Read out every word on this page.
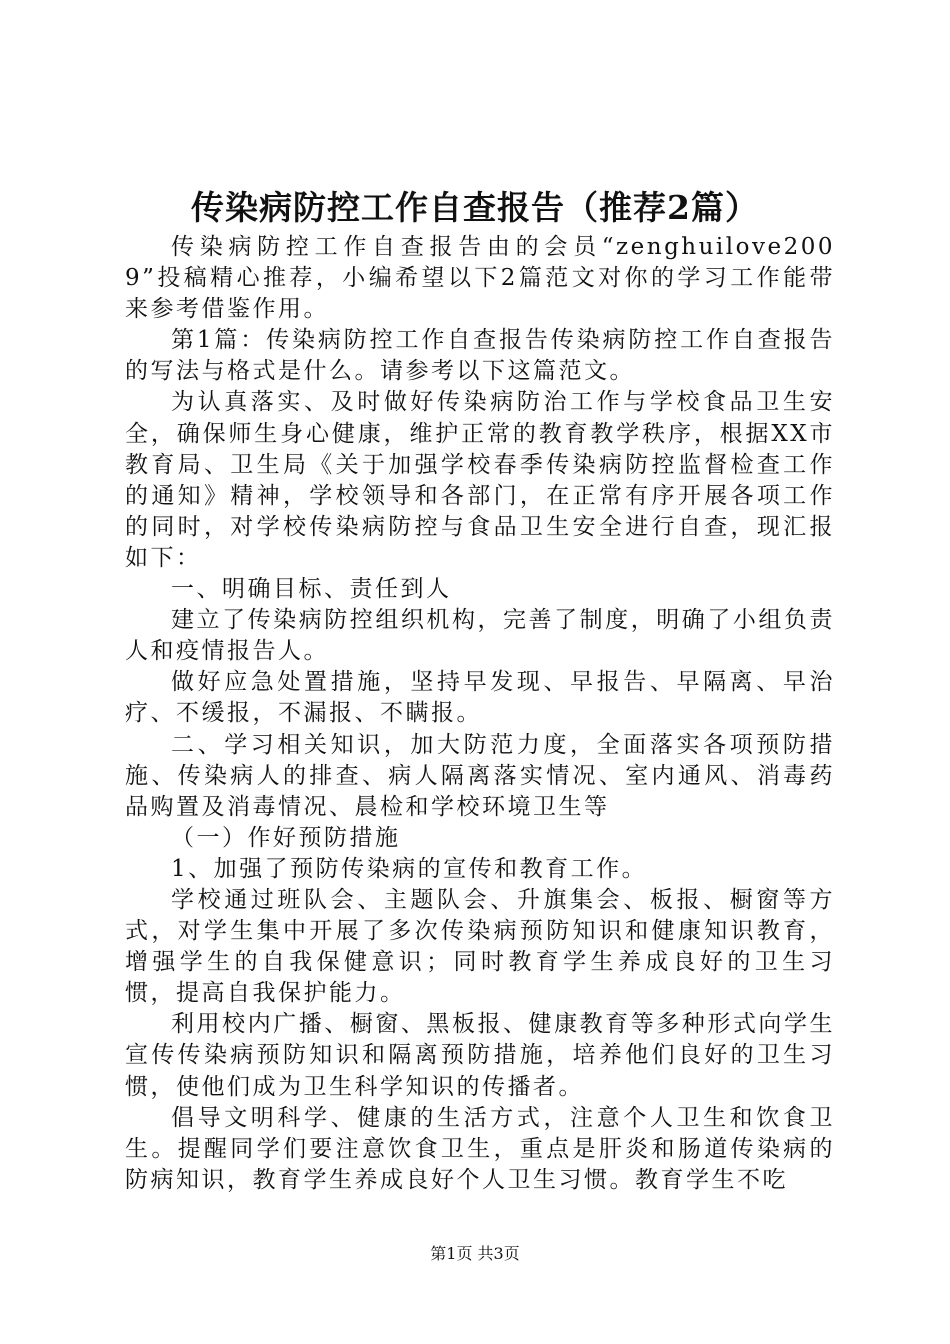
传染病防控工作自查报告（推荐2篇）

传染病防控工作自查报告由的会员“zenghuilove2009”投稿精心推荐，小编希望以下2篇范文对你的学习工作能带来参考借鉴作用。

第1篇：传染病防控工作自查报告传染病防控工作自查报告的写法与格式是什么。请参考以下这篇范文。

为认真落实、及时做好传染病防治工作与学校食品卫生安全，确保师生身心健康，维护正常的教育教学秩序，根据XX市教育局、卫生局《关于加强学校春季传染病防控监督检查工作的通知》精神，学校领导和各部门，在正常有序开展各项工作的同时，对学校传染病防控与食品卫生安全进行自查，现汇报如下：

一、明确目标、责任到人

建立了传染病防控组织机构，完善了制度，明确了小组负责人和疫情报告人。

做好应急处置措施，坚持早发现、早报告、早隔离、早治疗、不缓报，不漏报、不瞒报。

二、学习相关知识，加大防范力度，全面落实各项预防措施、传染病人的排查、病人隔离落实情况、室内通风、消毒药品购置及消毒情况、晨检和学校环境卫生等

（一）作好预防措施

1、加强了预防传染病的宣传和教育工作。

学校通过班队会、主题队会、升旗集会、板报、橱窗等方式，对学生集中开展了多次传染病预防知识和健康知识教育，增强学生的自我保健意识；同时教育学生养成良好的卫生习惯，提高自我保护能力。

利用校内广播、橱窗、黑板报、健康教育等多种形式向学生宣传传染病预防知识和隔离预防措施，培养他们良好的卫生习惯，使他们成为卫生科学知识的传播者。

倡导文明科学、健康的生活方式，注意个人卫生和饮食卫生。提醒同学们要注意饮食卫生，重点是肝炎和肠道传染病的防病知识，教育学生养成良好个人卫生习惯。教育学生不吃

第1页 共3页
